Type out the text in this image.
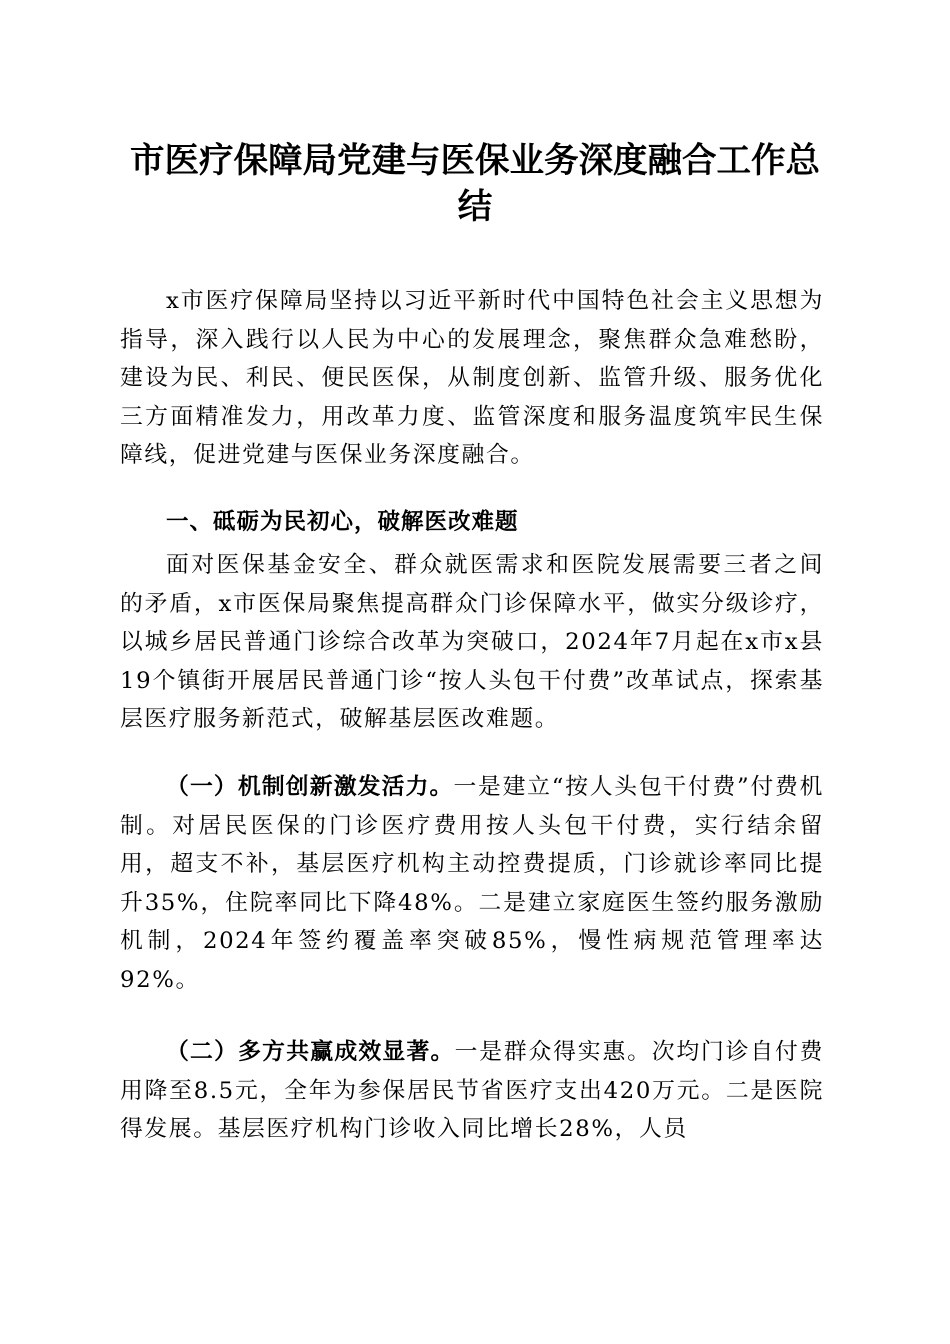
市医疗保障局党建与医保业务深度融合工作总结

x市医疗保障局坚持以习近平新时代中国特色社会主义思想为指导，深入践行以人民为中心的发展理念，聚焦群众急难愁盼，建设为民、利民、便民医保，从制度创新、监管升级、服务优化三方面精准发力，用改革力度、监管深度和服务温度筑牢民生保障线，促进党建与医保业务深度融合。

一、砥砺为民初心，破解医改难题

面对医保基金安全、群众就医需求和医院发展需要三者之间的矛盾，x市医保局聚焦提高群众门诊保障水平，做实分级诊疗，以城乡居民普通门诊综合改革为突破口，2024年7月起在x市x县19个镇街开展居民普通门诊“按人头包干付费”改革试点，探索基层医疗服务新范式，破解基层医改难题。

（一）机制创新激发活力。一是建立“按人头包干付费”付费机制。对居民医保的门诊医疗费用按人头包干付费，实行结余留用，超支不补，基层医疗机构主动控费提质，门诊就诊率同比提升35%，住院率同比下降48%。二是建立家庭医生签约服务激励机制，2024年签约覆盖率突破85%，慢性病规范管理率达92%。

（二）多方共赢成效显著。一是群众得实惠。次均门诊自付费用降至8.5元，全年为参保居民节省医疗支出420万元。二是医院得发展。基层医疗机构门诊收入同比增长28%，人员
